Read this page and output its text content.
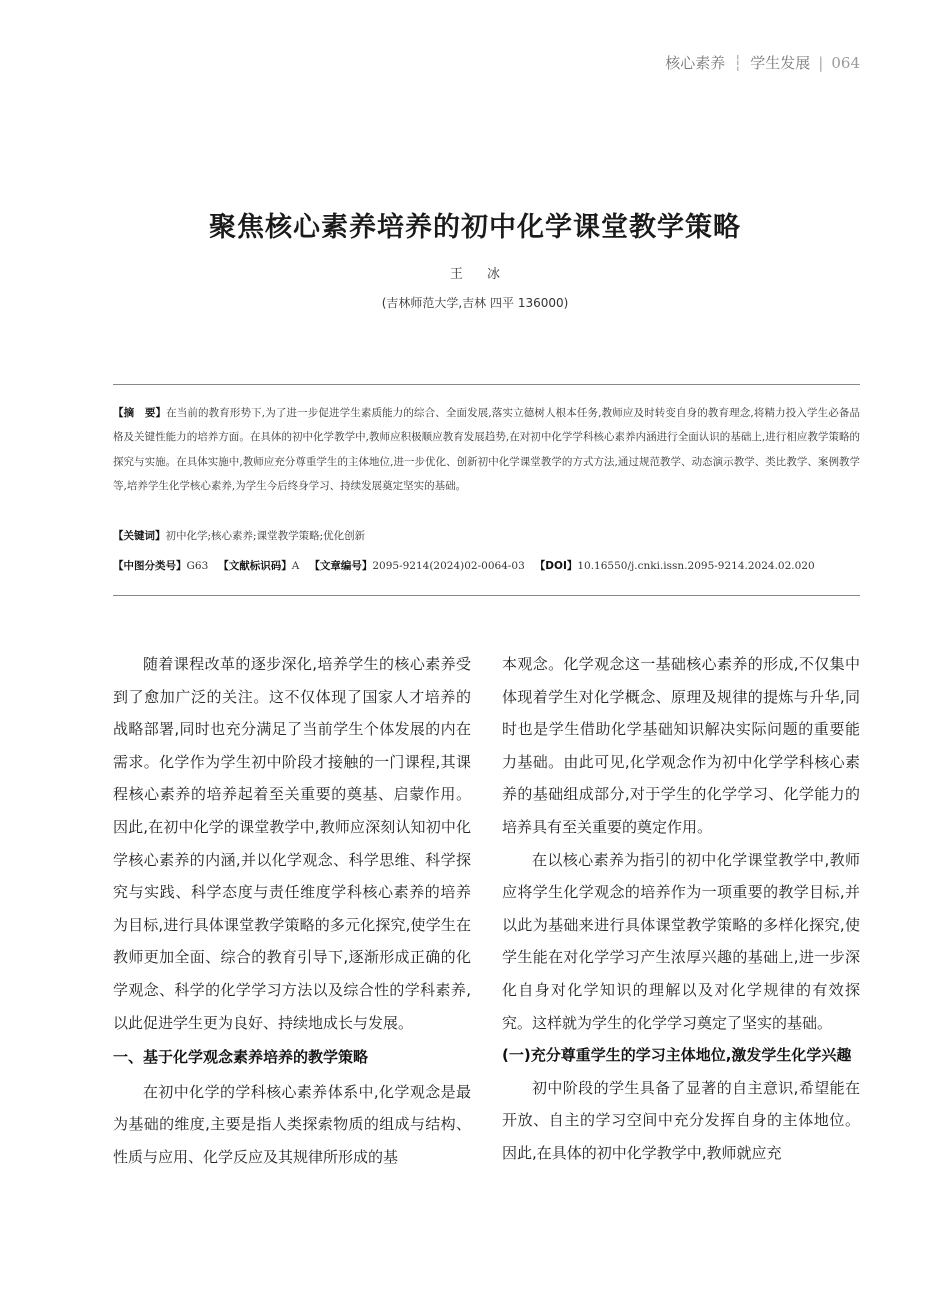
核心素养 ┆ 学生发展 | 064
聚焦核心素养培养的初中化学课堂教学策略
王 冰
(吉林师范大学,吉林 四平 136000)
【摘　要】在当前的教育形势下,为了进一步促进学生素质能力的综合、全面发展,落实立德树人根本任务,教师应及时转变自身的教育理念,将精力投入学生必备品格及关键性能力的培养方面。在具体的初中化学教学中,教师应积极顺应教育发展趋势,在对初中化学学科核心素养内涵进行全面认识的基础上,进行相应教学策略的探究与实施。在具体实施中,教师应充分尊重学生的主体地位,进一步优化、创新初中化学课堂教学的方式方法,通过规范教学、动态演示教学、类比教学、案例教学等,培养学生化学核心素养,为学生今后终身学习、持续发展奠定坚实的基础。
【关键词】初中化学;核心素养;课堂教学策略;优化创新
【中图分类号】G63 【文献标识码】A 【文章编号】2095-9214(2024)02-0064-03 【DOI】10.16550/j.cnki.issn.2095-9214.2024.02.020

随着课程改革的逐步深化,培养学生的核心素养受到了愈加广泛的关注。这不仅体现了国家人才培养的战略部署,同时也充分满足了当前学生个体发展的内在需求。化学作为学生初中阶段才接触的一门课程,其课程核心素养的培养起着至关重要的奠基、启蒙作用。因此,在初中化学的课堂教学中,教师应深刻认知初中化学核心素养的内涵,并以化学观念、科学思维、科学探究与实践、科学态度与责任维度学科核心素养的培养为目标,进行具体课堂教学策略的多元化探究,使学生在教师更加全面、综合的教育引导下,逐渐形成正确的化学观念、科学的化学学习方法以及综合性的学科素养,以此促进学生更为良好、持续地成长与发展。

一、基于化学观念素养培养的教学策略

在初中化学的学科核心素养体系中,化学观念是最为基础的维度,主要是指人类探索物质的组成与结构、性质与应用、化学反应及其规律所形成的基

本观念。化学观念这一基础核心素养的形成,不仅集中体现着学生对化学概念、原理及规律的提炼与升华,同时也是学生借助化学基础知识解决实际问题的重要能力基础。由此可见,化学观念作为初中化学学科核心素养的基础组成部分,对于学生的化学学习、化学能力的培养具有至关重要的奠定作用。

在以核心素养为指引的初中化学课堂教学中,教师应将学生化学观念的培养作为一项重要的教学目标,并以此为基础来进行具体课堂教学策略的多样化探究,使学生能在对化学学习产生浓厚兴趣的基础上,进一步深化自身对化学知识的理解以及对化学规律的有效探究。这样就为学生的化学学习奠定了坚实的基础。

(一)充分尊重学生的学习主体地位,激发学生化学兴趣

初中阶段的学生具备了显著的自主意识,希望能在开放、自主的学习空间中充分发挥自身的主体地位。因此,在具体的初中化学教学中,教师就应充
